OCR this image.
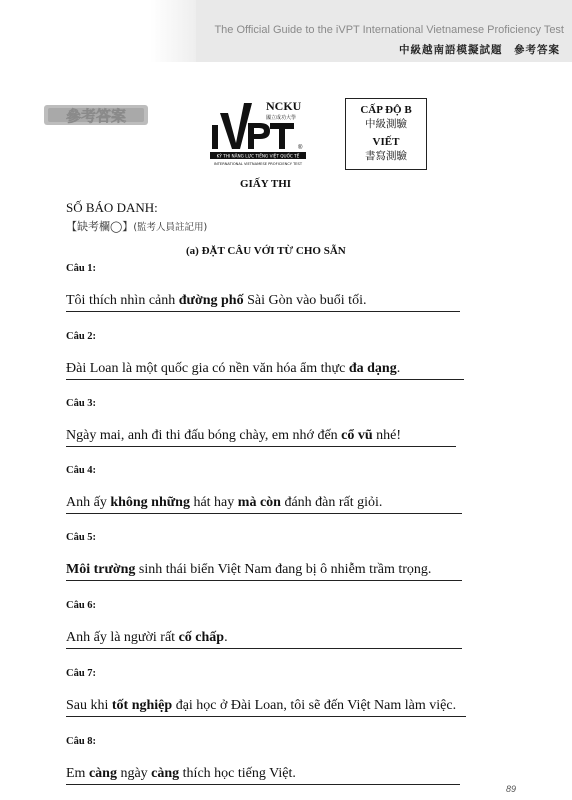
The Official Guide to the iVPT International Vietnamese Proficiency Test
中級越南語模擬試題　參考答案
參考答案
NCKU
國立成功大學
®
KỲ THI NĂNG LỰC TIẾNG VIỆT QUỐC TẾ
INTERNATIONAL VIETNAMESE PROFICIENCY TEST
CẤP ĐỘ B
中級測驗
VIẾT
書寫測驗
GIẤY THI
SỐ BÁO DANH:
【缺考欄◯】(監考人員註記用)
(a) ĐẶT CÂU VỚI TỪ CHO SẴN
Câu 1:
Tôi thích nhìn cảnh đường phố Sài Gòn vào buổi tối.
Câu 2:
Đài Loan là một quốc gia có nền văn hóa ẩm thực đa dạng.
Câu 3:
Ngày mai, anh đi thi đấu bóng chày, em nhớ đến cổ vũ nhé!
Câu 4:
Anh ấy không những hát hay mà còn đánh đàn rất giỏi.
Câu 5:
Môi trường sinh thái biển Việt Nam đang bị ô nhiễm trầm trọng.
Câu 6:
Anh ấy là người rất cố chấp.
Câu 7:
Sau khi tốt nghiệp đại học ở Đài Loan, tôi sẽ đến Việt Nam làm việc.
Câu 8:
Em càng ngày càng thích học tiếng Việt.
89
